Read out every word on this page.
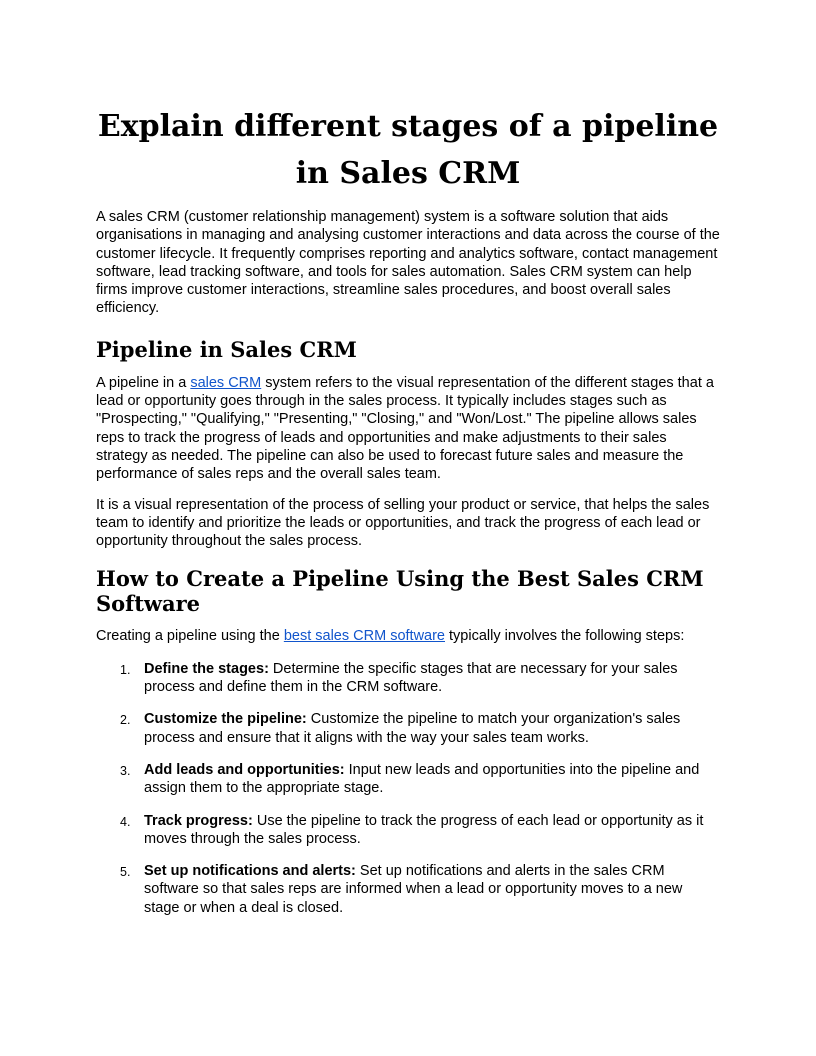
Explain different stages of a pipeline in Sales CRM

A sales CRM (customer relationship management) system is a software solution that aids organisations in managing and analysing customer interactions and data across the course of the customer lifecycle. It frequently comprises reporting and analytics software, contact management software, lead tracking software, and tools for sales automation. Sales CRM system can help firms improve customer interactions, streamline sales procedures, and boost overall sales efficiency.

Pipeline in Sales CRM

A pipeline in a sales CRM system refers to the visual representation of the different stages that a lead or opportunity goes through in the sales process. It typically includes stages such as "Prospecting," "Qualifying," "Presenting," "Closing," and "Won/Lost." The pipeline allows sales reps to track the progress of leads and opportunities and make adjustments to their sales strategy as needed. The pipeline can also be used to forecast future sales and measure the performance of sales reps and the overall sales team.

It is a visual representation of the process of selling your product or service, that helps the sales team to identify and prioritize the leads or opportunities, and track the progress of each lead or opportunity throughout the sales process.

How to Create a Pipeline Using the Best Sales CRM Software

Creating a pipeline using the best sales CRM software typically involves the following steps:

1. Define the stages: Determine the specific stages that are necessary for your sales process and define them in the CRM software.
2. Customize the pipeline: Customize the pipeline to match your organization's sales process and ensure that it aligns with the way your sales team works.
3. Add leads and opportunities: Input new leads and opportunities into the pipeline and assign them to the appropriate stage.
4. Track progress: Use the pipeline to track the progress of each lead or opportunity as it moves through the sales process.
5. Set up notifications and alerts: Set up notifications and alerts in the sales CRM software so that sales reps are informed when a lead or opportunity moves to a new stage or when a deal is closed.
